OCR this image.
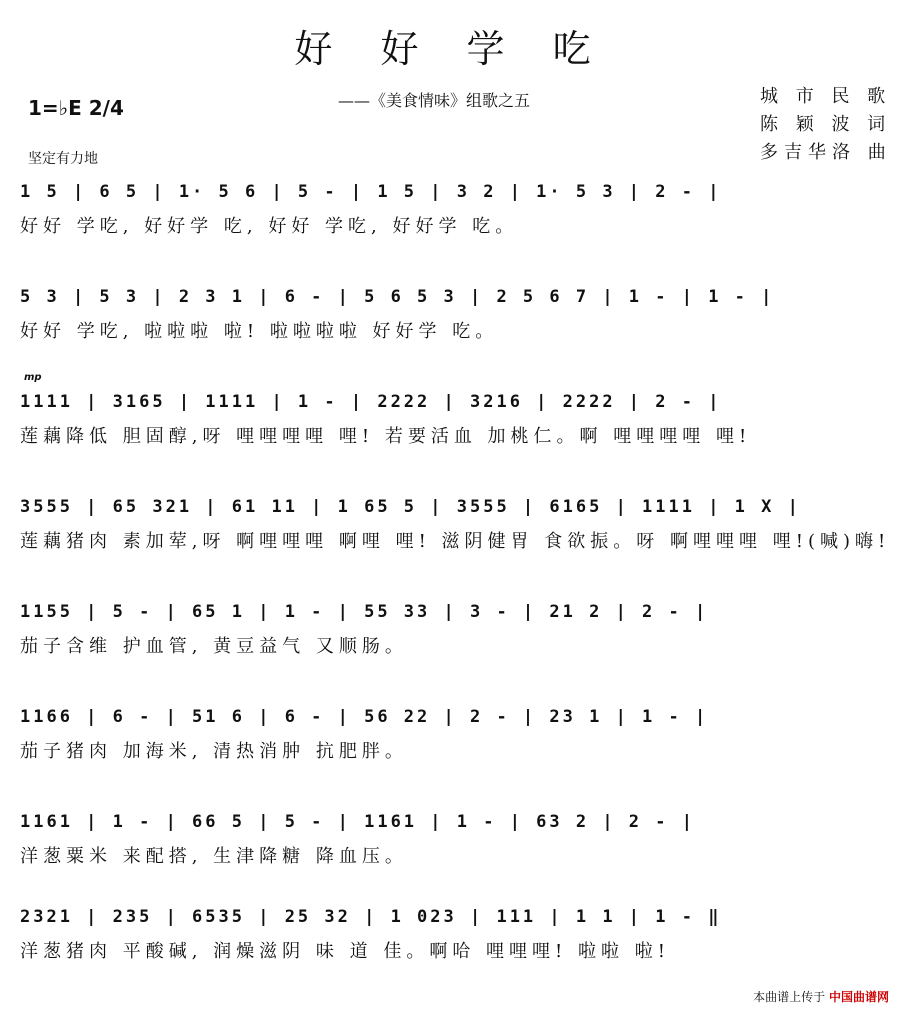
好 好 学 吃
——《美食情味》组歌之五
1=♭E 2/4
坚定有力地
城 市 民 歌
陈 颖 波 词
多吉华洛 曲
1 5 | 6 5 | 1· 5 6 | 5 - | 1 5 | 3 2 | 1· 5 3 | 2 - |
好好 学吃, 好好学 吃, 好好 学吃, 好好学 吃。
5 3 | 5 3 | 2 3 1 | 6 - | 5 6 5 3 | 2 5 6 7 | 1 - | 1 - |
好好 学吃, 啦啦啦 啦! 啦啦啦啦 好好学 吃。
mp
1111 | 3165 | 1111 | 1 - | 2222 | 3216 | 2222 | 2 - |
莲藕降低 胆固醇,呀 哩哩哩哩 哩! 若要活血 加桃仁。啊 哩哩哩哩 哩!
3555 | 65 321 | 61 11 | 1 65 5 | 3555 | 6165 | 1111 | 1 X |
莲藕猪肉 素加荤,呀 啊哩哩哩 啊哩 哩! 滋阴健胃 食欲振。呀 啊哩哩哩 哩!(喊)嗨!
1155 | 5 - | 65 1 | 1 - | 55 33 | 3 - | 21 2 | 2 - |
茄子含维 护血管, 黄豆益气 又顺肠。
1166 | 6 - | 51 6 | 6 - | 56 22 | 2 - | 23 1 | 1 - |
茄子猪肉 加海米, 清热消肿 抗肥胖。
1161 | 1 - | 66 5 | 5 - | 1161 | 1 - | 63 2 | 2 - |
洋葱粟米 来配搭, 生津降糖 降血压。
2321 | 235 | 6535 | 25 32 | 1 023 | 111 | 1 1 | 1 - ‖
洋葱猪肉 平酸碱, 润燥滋阴 味 道 佳。啊哈 哩哩哩! 啦啦 啦!
本曲谱上传于 中国曲谱网
